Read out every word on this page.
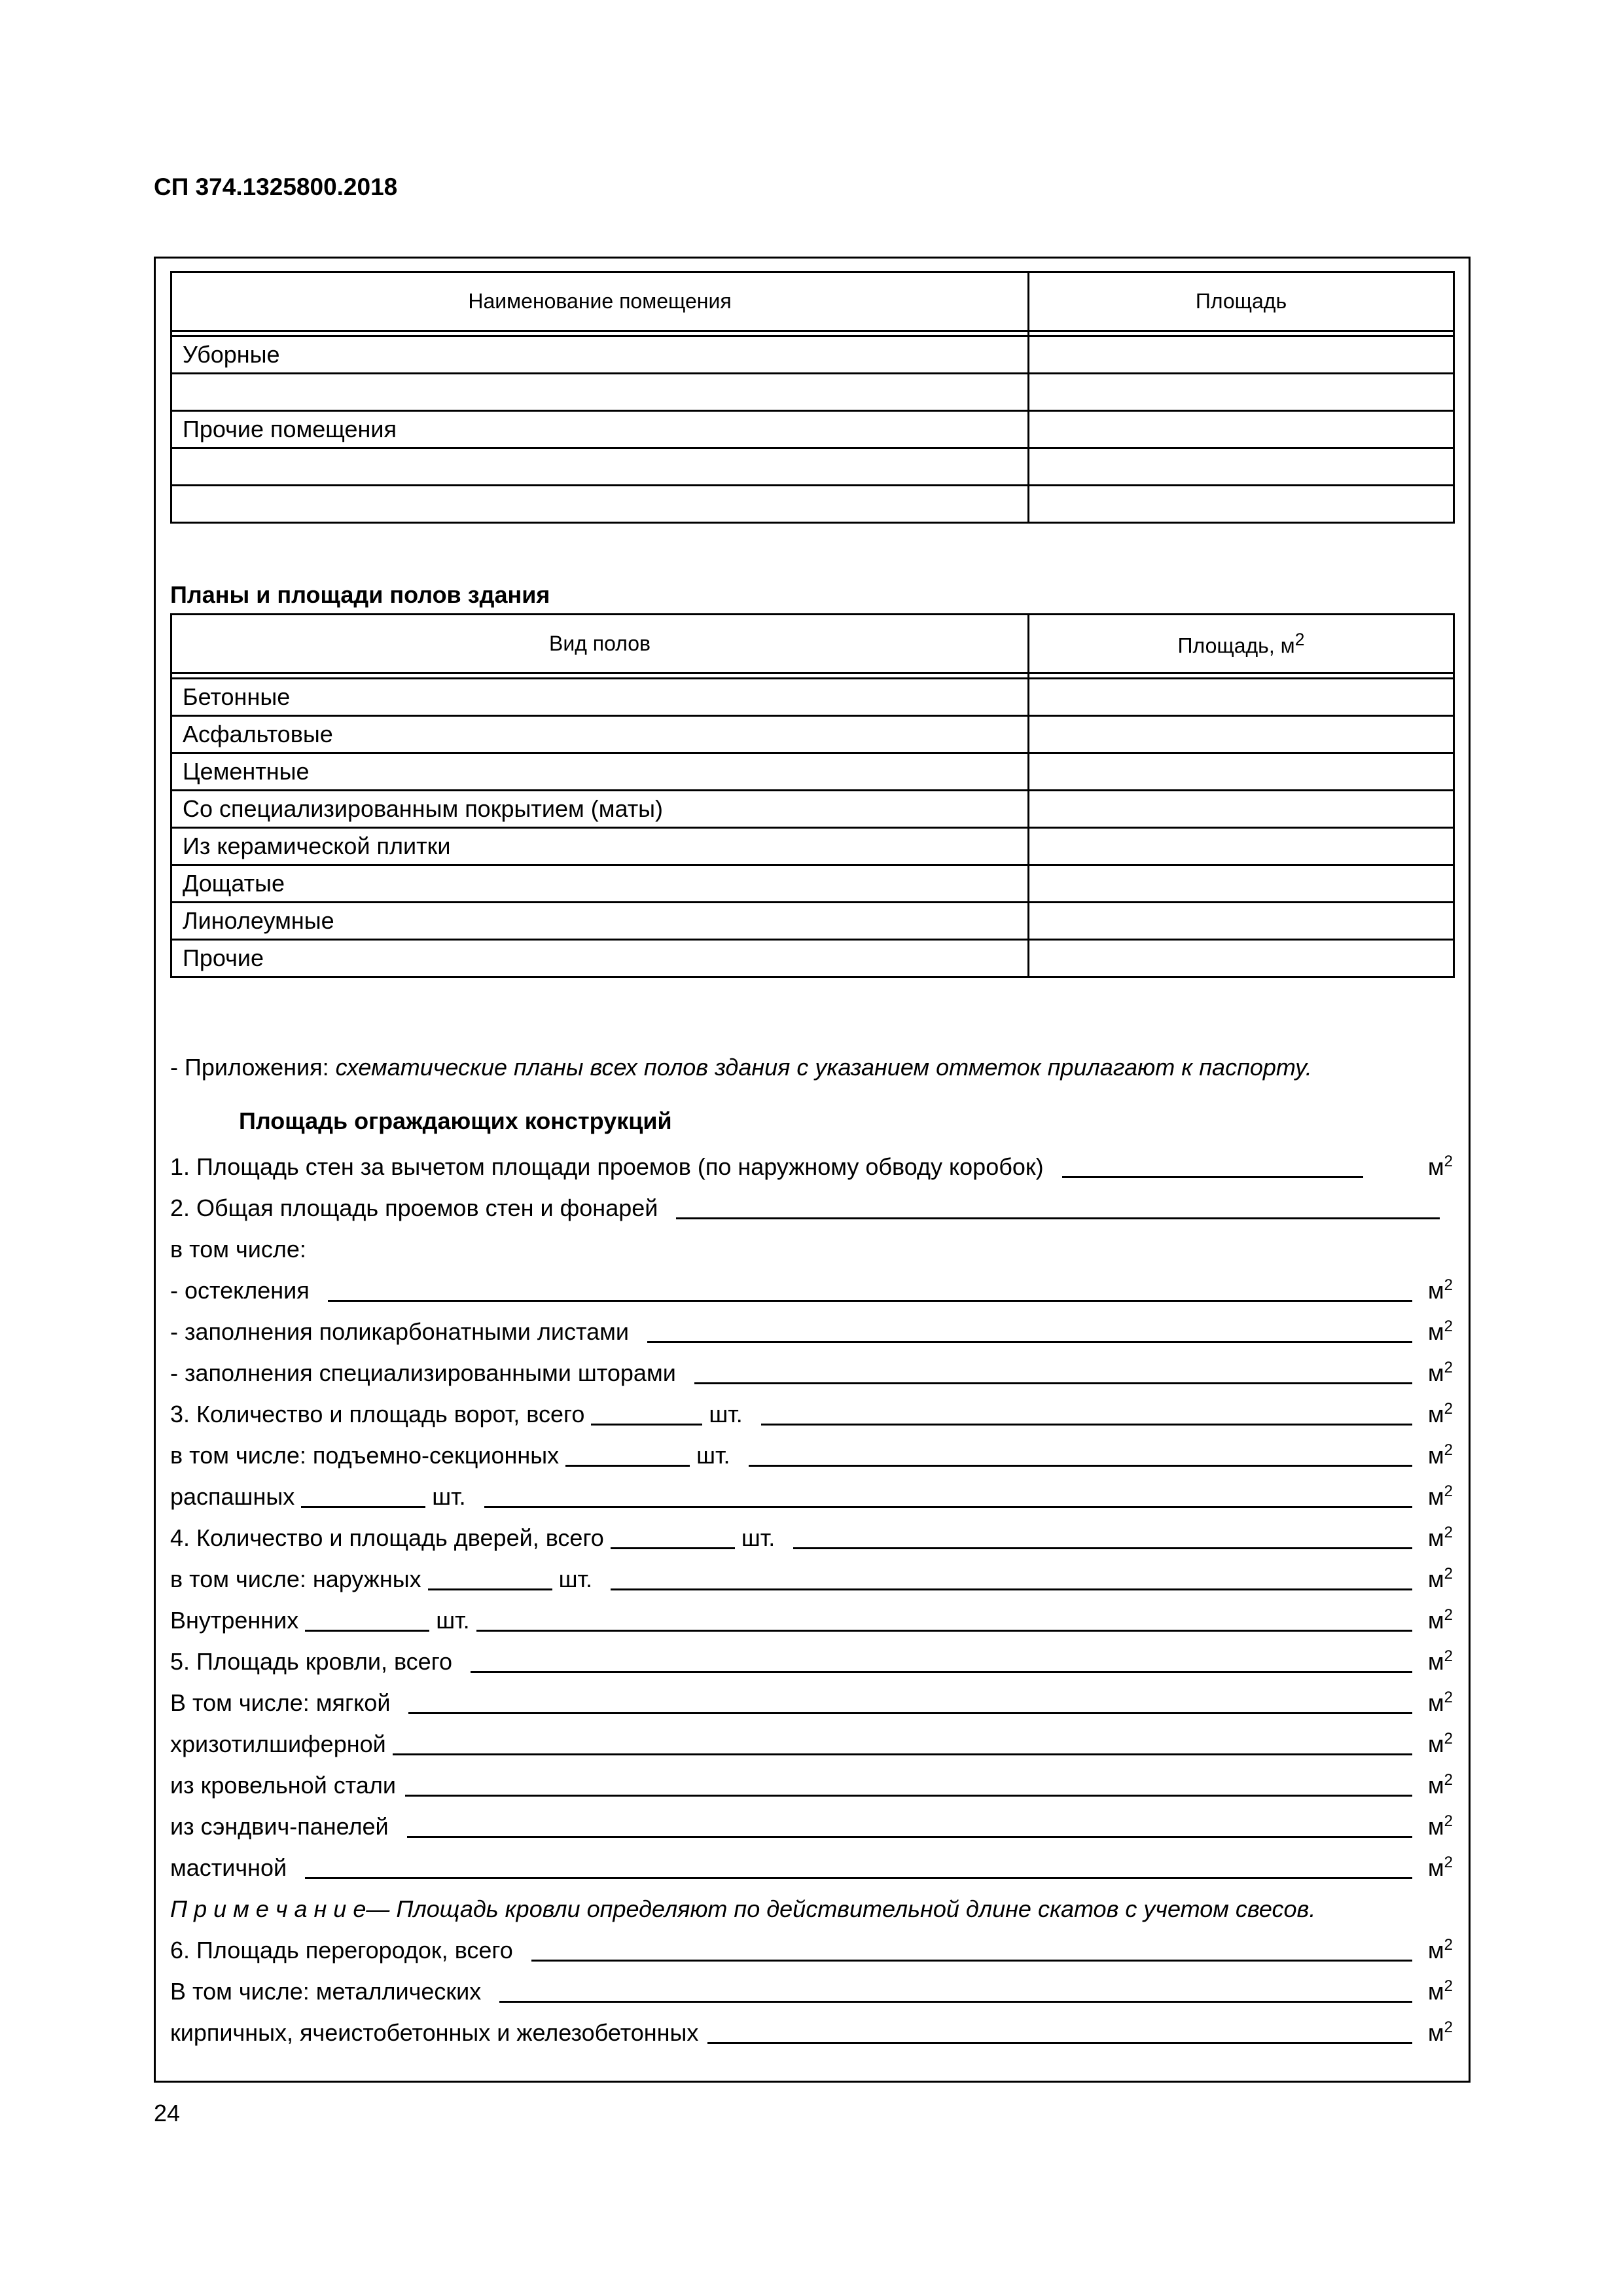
СП 374.1325800.2018
Наименование помещения	Площадь

Уборные	

Прочие помещения	

Планы и площади полов здания
Вид полов	Площадь, $м^2$

Бетонные	
Асфальтовые	
Цементные	
Со специализированным покрытием (маты)	
Из керамической плитки	
Дощатые	
Линолеумные	
Прочие	
- Приложения: схематические планы всех полов здания с указанием отметок прилагают к паспорту.
Площадь ограждающих конструкций
1. Площадь стен за вычетом площади проемов (по наружному обводу коробок)	$м^2$
2. Общая площадь проемов стен и фонарей
в том числе:
- остекления	$м^2$
- заполнения поликарбонатными листами	$м^2$
- заполнения специализированными шторами	$м^2$
3. Количество и площадь ворот, всего	шт.	$м^2$
в том числе: подъемно-секционных	шт.	$м^2$
распашных	шт.	$м^2$
4. Количество и площадь дверей, всего	шт.	$м^2$
в том числе: наружных	шт.	$м^2$
Внутренних	шт.	$м^2$
5. Площадь кровли, всего	$м^2$
В том числе: мягкой	$м^2$
хризотилшиферной	$м^2$
из кровельной стали	$м^2$
из сэндвич-панелей	$м^2$
мастичной	$м^2$
П р и м е ч а н и е — Площадь кровли определяют по действительной длине скатов с учетом свесов.
6. Площадь перегородок, всего	$м^2$
В том числе: металлических	$м^2$
кирпичных, ячеистобетонных и железобетонных	$м^2$
24
